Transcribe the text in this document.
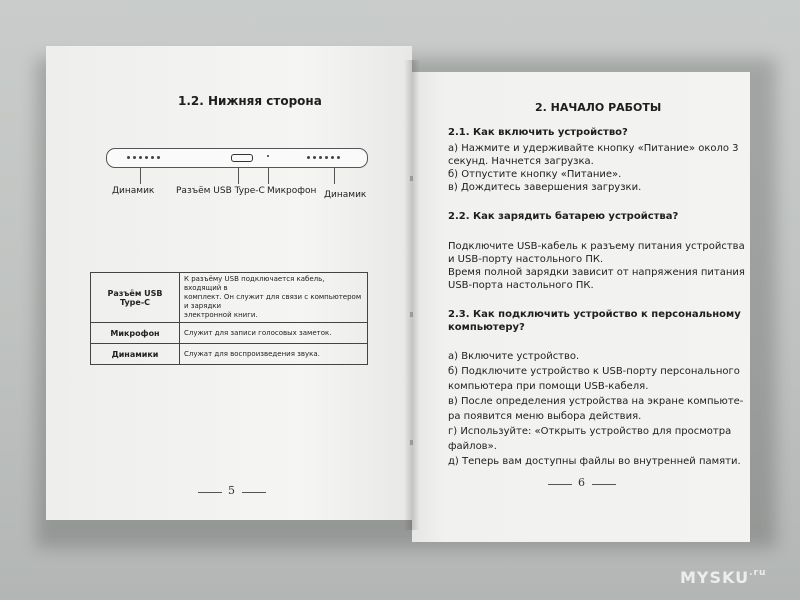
1.2. Нижняя сторона
Динамик Разъём USB Type-C Микрофон Динамик
Разъём USB Type-C	К разъёму USB подключается кабель, входящий в
комплект. Он служит для связи с компьютером и зарядки
электронной книги.

Микрофон	Служит для записи голосовых заметок.
Динамики	Служат для воспроизведения звука.
5
2. НАЧАЛО РАБОТЫ
2.1. Как включить устройство?
а) Нажмите и удерживайте кнопку «Питание» около 3
секунд. Начнется загрузка.
б) Отпустите кнопку «Питание».
в) Дождитесь завершения загрузки.
2.2. Как зарядить батарею устройства?
Подключите USB-кабель к разъему питания устройства
и USB-порту настольного ПК.
Время полной зарядки зависит от напряжения питания
USB-порта настольного ПК.
2.3. Как подключить устройство к персональному
компьютеру?
а) Включите устройство.
б) Подключите устройство к USB-порту персонального
компьютера при помощи USB-кабеля.
в) После определения устройства на экране компьюте-
ра появится меню выбора действия.
г) Используйте: «Открыть устройство для просмотра
файлов».
д) Теперь вам доступны файлы во внутренней памяти.
6
$MYSKU^{.ru}$
